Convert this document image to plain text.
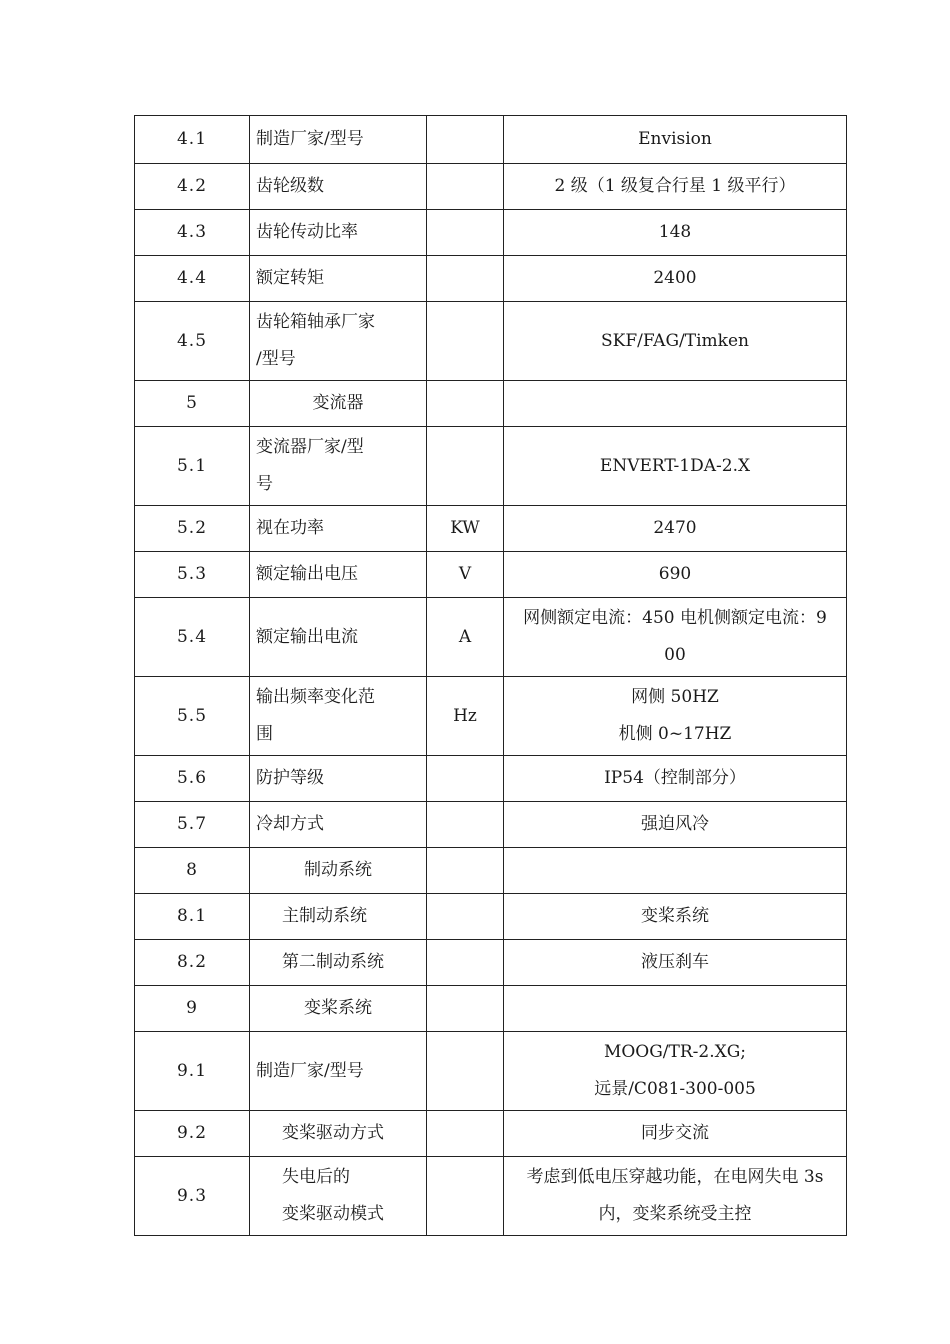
4.1	制造厂家/型号		Envision

4.2	齿轮级数		2 级（1 级复合行星 1 级平行）

4.3	齿轮传动比率		148

4.4	额定转矩		2400

4.5	齿轮箱轴承厂家
/型号		SKF/FAG/Timken

5	变流器		

5.1	变流器厂家/型
号		ENVERT-1DA-2.X

5.2	视在功率	KW	2470

5.3	额定输出电压	V	690

5.4	额定输出电流	A	网侧额定电流：450 电机侧额定电流：9
00

5.5	输出频率变化范
围	Hz	网侧 50HZ
机侧 0~17HZ

5.6	防护等级		IP54（控制部分）

5.7	冷却方式		强迫风冷

8	制动系统		

8.1	主制动系统		变桨系统

8.2	第二制动系统		液压刹车

9	变桨系统		

9.1	制造厂家/型号		MOOG/TR-2.XG;
远景/C081-300-005

9.2	变桨驱动方式		同步交流

9.3	失电后的
变桨驱动模式		考虑到低电压穿越功能，在电网失电 3s
内，变桨系统受主控
